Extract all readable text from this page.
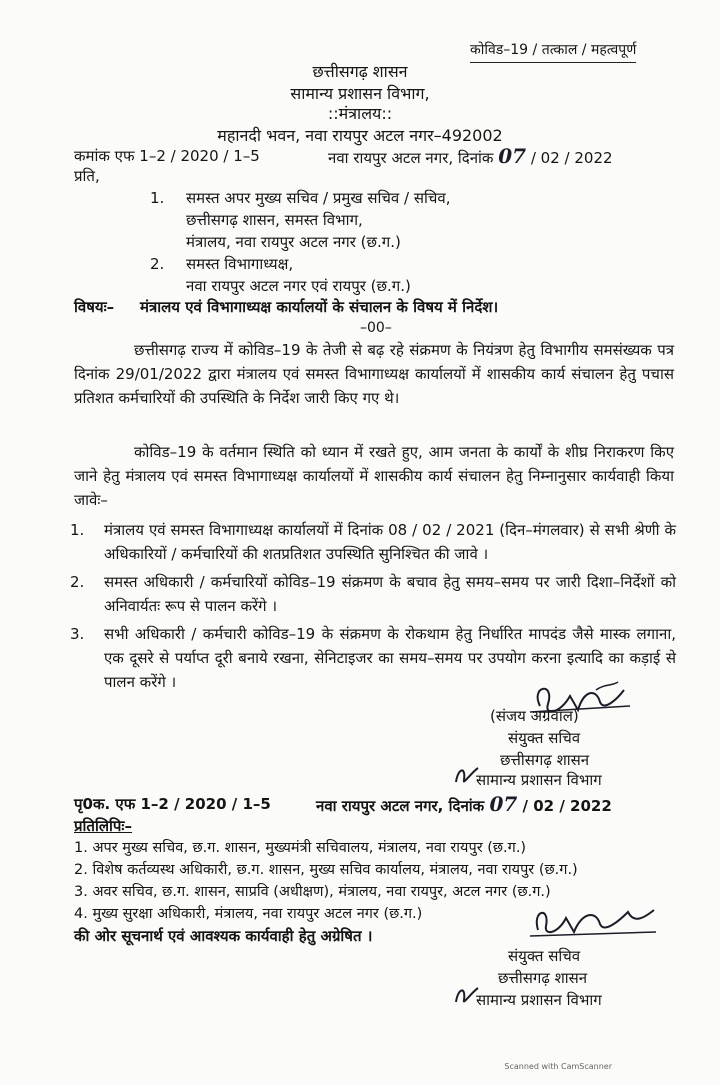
कोविड–19 / तत्काल / महत्वपूर्ण
छत्तीसगढ़ शासन
सामान्य प्रशासन विभाग,
::मंत्रालय::
महानदी भवन, नवा रायपुर अटल नगर–492002
कमांक एफ 1–2 / 2020 / 1–5	नवा रायपुर अटल नगर, दिनांक 07 / 02 / 2022
प्रति,
1. समस्त अपर मुख्य सचिव / प्रमुख सचिव / सचिव,
छत्तीसगढ़ शासन, समस्त विभाग,
मंत्रालय, नवा रायपुर अटल नगर (छ.ग.)
2. समस्त विभागाध्यक्ष,
नवा रायपुर अटल नगर एवं रायपुर (छ.ग.)
विषयः– मंत्रालय एवं विभागाध्यक्ष कार्यालयों के संचालन के विषय में निर्देश।
–00–
छत्तीसगढ़ राज्य में कोविड–19 के तेजी से बढ़ रहे संक्रमण के नियंत्रण हेतु विभागीय समसंख्यक पत्र दिनांक 29/01/2022 द्वारा मंत्रालय एवं समस्त विभागाध्यक्ष कार्यालयों में शासकीय कार्य संचालन हेतु पचास प्रतिशत कर्मचारियों की उपस्थिति के निर्देश जारी किए गए थे।
कोविड–19 के वर्तमान स्थिति को ध्यान में रखते हुए, आम जनता के कार्यों के शीघ्र निराकरण किए जाने हेतु मंत्रालय एवं समस्त विभागाध्यक्ष कार्यालयों में शासकीय कार्य संचालन हेतु निम्नानुसार कार्यवाही किया जावेः–
1. मंत्रालय एवं समस्त विभागाध्यक्ष कार्यालयों में दिनांक 08 / 02 / 2021 (दिन–मंगलवार) से सभी श्रेणी के अधिकारियों / कर्मचारियों की शतप्रतिशत उपस्थिति सुनिश्चित की जावे ।
2. समस्त अधिकारी / कर्मचारियों कोविड–19 संक्रमण के बचाव हेतु समय–समय पर जारी दिशा–निर्देशों को अनिवार्यतः रूप से पालन करेंगे ।
3. सभी अधिकारी / कर्मचारी कोविड–19 के संक्रमण के रोकथाम हेतु निर्धारित मापदंड जैसे मास्क लगाना, एक दूसरे से पर्याप्त दूरी बनाये रखना, सेनिटाइजर का समय–समय पर उपयोग करना इत्यादि का कड़ाई से पालन करेंगे ।
(संजय अग्रवाल)
संयुक्त सचिव
छत्तीसगढ़ शासन
सामान्य प्रशासन विभाग
पृ0क. एफ 1–2 / 2020 / 1–5	नवा रायपुर अटल नगर, दिनांक 07 / 02 / 2022
प्रतिलिपिः–
1. अपर मुख्य सचिव, छ.ग. शासन, मुख्यमंत्री सचिवालय, मंत्रालय, नवा रायपुर (छ.ग.)
2. विशेष कर्तव्यस्थ अधिकारी, छ.ग. शासन, मुख्य सचिव कार्यालय, मंत्रालय, नवा रायपुर (छ.ग.)
3. अवर सचिव, छ.ग. शासन, साप्रवि (अधीक्षण), मंत्रालय, नवा रायपुर, अटल नगर (छ.ग.)
4. मुख्य सुरक्षा अधिकारी, मंत्रालय, नवा रायपुर अटल नगर (छ.ग.)
की ओर सूचनार्थ एवं आवश्यक कार्यवाही हेतु अग्रेषित ।
संयुक्त सचिव
छत्तीसगढ़ शासन
सामान्य प्रशासन विभाग
Scanned with CamScanner
